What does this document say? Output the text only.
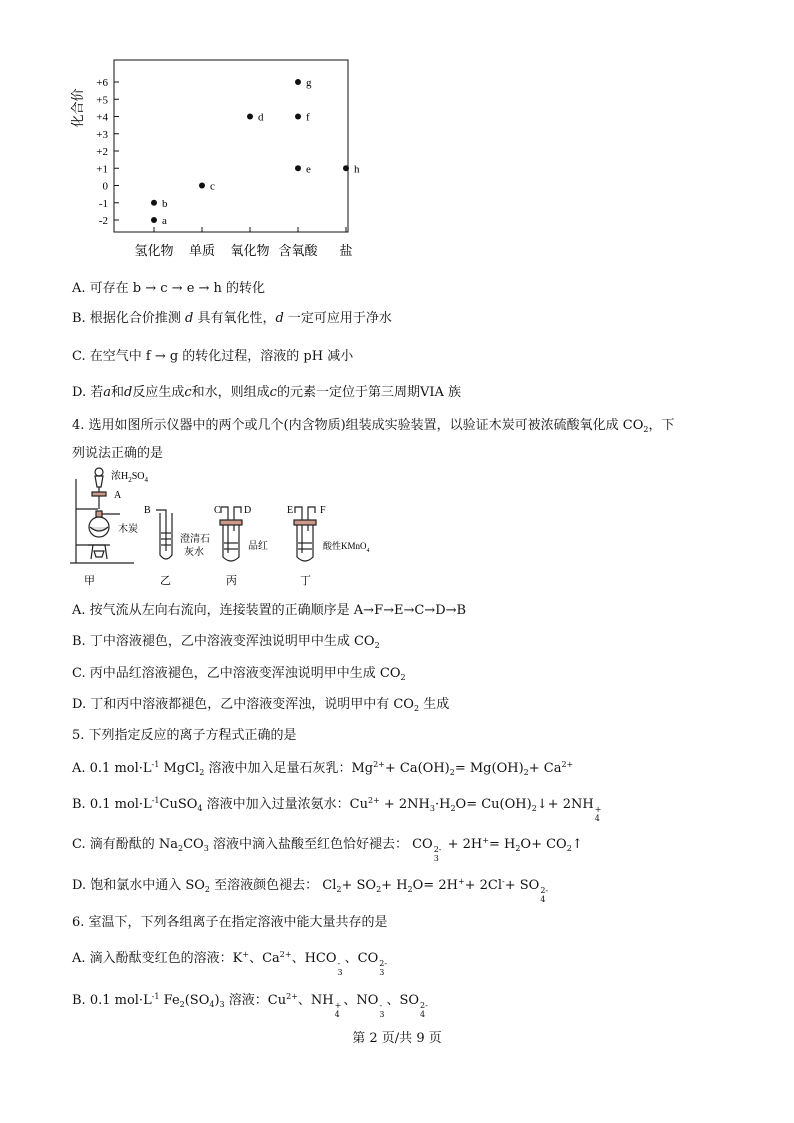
化合价
+6
+5
+4
+3
+2
+1
0
-1
-2
氢化物 单质 氧化物 含氧酸 盐
a
b
c
d
e
f
g
h
A. 可存在 b → c → e → h 的转化
B. 根据化合价推测 d 具有氧化性，d 一定可应用于净水
C. 在空气中 f → g 的转化过程，溶液的 pH 减小
D. 若a和d反应生成c和水，则组成c的元素一定位于第三周期VIA 族
4. 选用如图所示仪器中的两个或几个(内含物质)组装成实验装置，以验证木炭可被浓硫酸氧化成 $CO_2$，下
列说法正确的是
浓$H_2SO_4$
A
木炭
甲
B
澄清石
灰水
乙
C D
品红
丙
E	F
酸性KMnO$_4$
丁
A. 按气流从左向右流向，连接装置的正确顺序是 A→F→E→C→D→B
B. 丁中溶液褪色，乙中溶液变浑浊说明甲中生成 $CO_2$
C. 丙中品红溶液褪色，乙中溶液变浑浊说明甲中生成 $CO_2$
D. 丁和丙中溶液都褪色，乙中溶液变浑浊，说明甲中有 $CO_2$ 生成
5. 下列指定反应的离子方程式正确的是
A. 0.1 $mol\cdot L^{-1}$ MgCl$_2$ 溶液中加入足量石灰乳：$Mg^{2+}+ Ca(OH)_2= Mg(OH)_2+ Ca^{2+}$
B. 0.1 $mol\cdot L^{-1}CuSO_4$ 溶液中加入过量浓氨水：$Cu^{2+} + 2NH_3\cdot H_2O=$ $Cu(OH)_2↓+ 2NH$ +
4
C. 滴有酚酞的 $Na_2CO_3$ 溶液中滴入盐酸至红色恰好褪去： CO 2-
3
+ $2H^+= H_2O+$ $CO_2↑$
D. 饱和氯水中通入 $SO_2$ 至溶液颜色褪去： $Cl_2+ SO_2+ H_2O= 2H^++ 2Cl^-+$ SO 2-
4
6. 室温下，下列各组离子在指定溶液中能大量共存的是
A. 滴入酚酞变红色的溶液：K+、$Ca^{2+}$、HCO -
3
、CO 2-
3
B. 0.1 $mol\cdot L^{-1}$ $Fe_2(SO_4)_3$ 溶液：$Cu^{2+}$、NH +
4
、NO -
3
、SO 2-
4
第 2 页/共 9 页
